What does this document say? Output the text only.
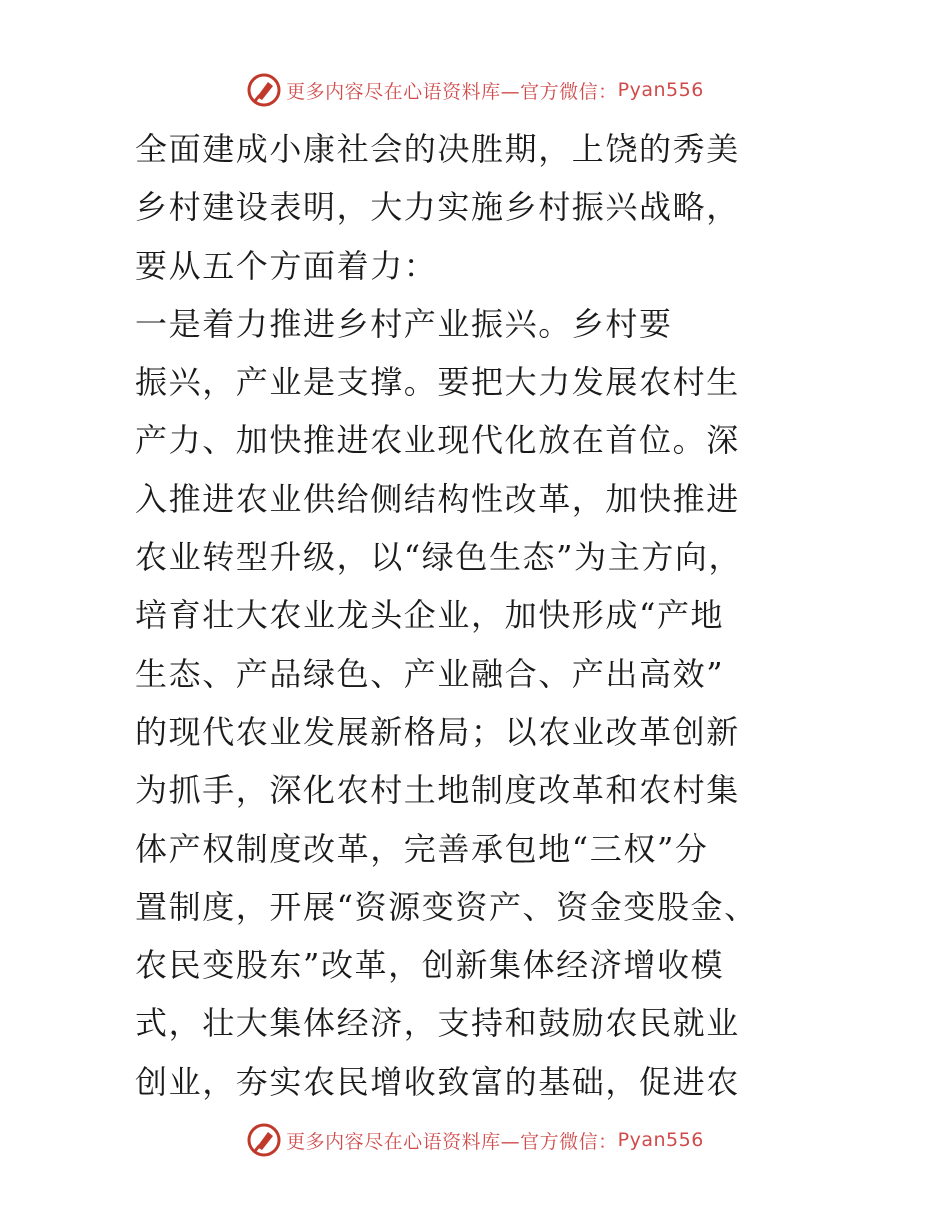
更多内容尽在心语资料库—官方微信： Pyan556
全面建成小康社会的决胜期，上饶的秀美
乡村建设表明，大力实施乡村振兴战略，
要从五个方面着力：
一是着力推进乡村产业振兴。乡村要
振兴，产业是支撑。要把大力发展农村生
产力、加快推进农业现代化放在首位。深
入推进农业供给侧结构性改革，加快推进
农业转型升级，以“绿色生态”为主方向，
培育壮大农业龙头企业，加快形成“产地
生态、产品绿色、产业融合、产出高效”
的现代农业发展新格局；以农业改革创新
为抓手，深化农村土地制度改革和农村集
体产权制度改革，完善承包地“三权”分
置制度，开展“资源变资产、资金变股金、
农民变股东”改革，创新集体经济增收模
式，壮大集体经济，支持和鼓励农民就业
创业，夯实农民增收致富的基础，促进农
更多内容尽在心语资料库—官方微信： Pyan556
